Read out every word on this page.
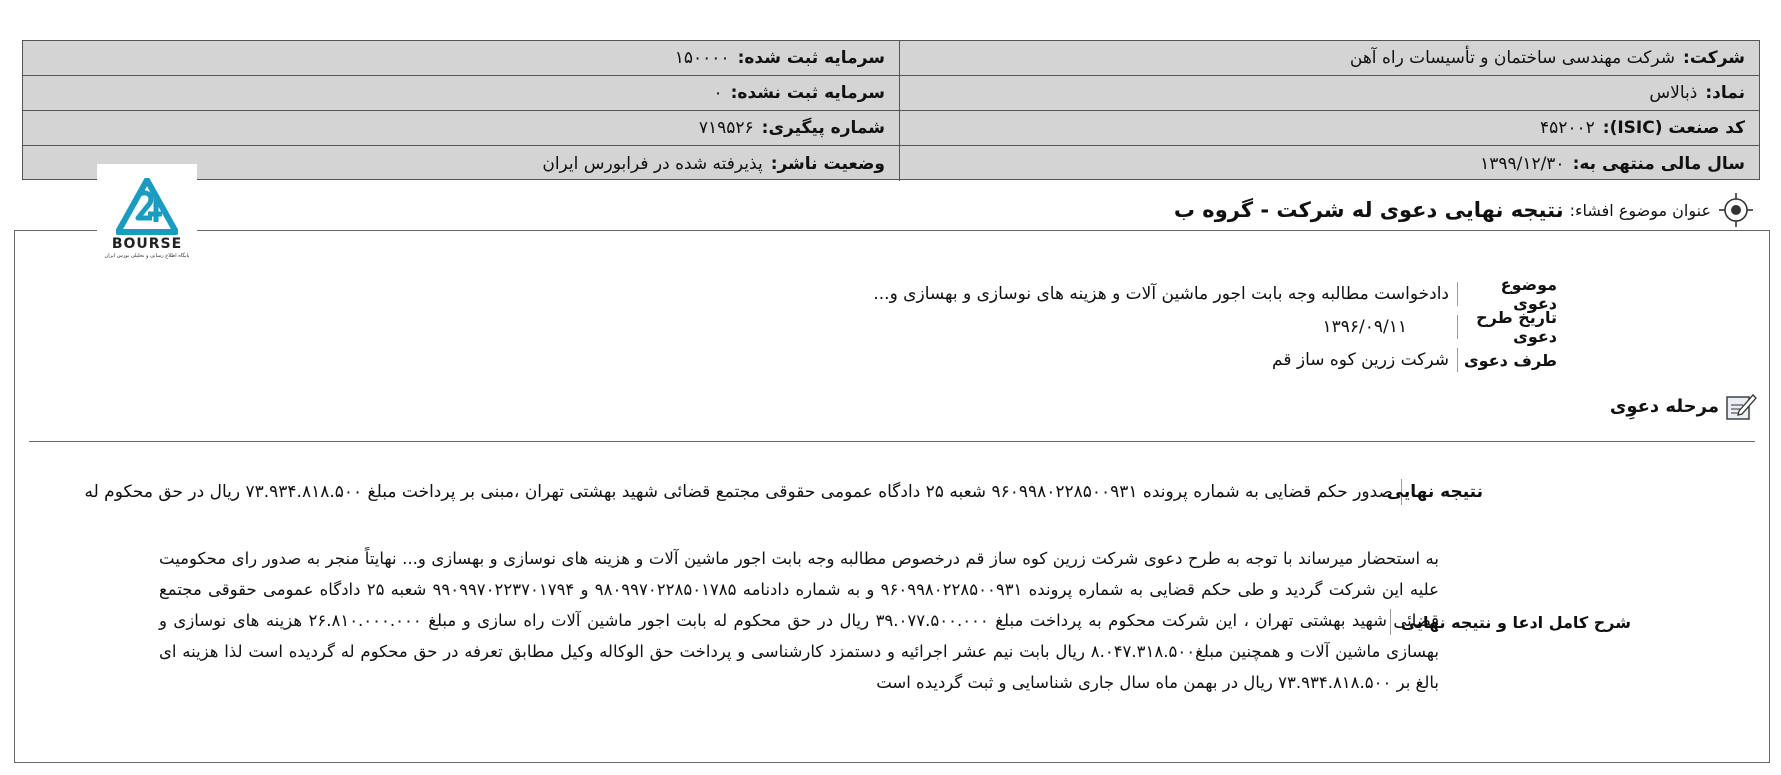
شرکت:
شرکت مهندسی ساختمان و تأسیسات راه آهن
سرمایه ثبت شده:
۱۵۰۰۰۰
نماد:
ذبالاس
سرمایه ثبت نشده:
۰
کد صنعت (ISIC):
۴۵۲۰۰۲
شماره پیگیری:
۷۱۹۵۲۶
سال مالی منتهی به:
۱۳۹۹/۱۲/۳۰
وضعیت ناشر:
پذیرفته شده در فرابورس ایران
عنوان موضوع افشاء:
نتیجه نهایی دعوی له شرکت - گروه ب
موضوع دعوی
دادخواست مطالبه وجه بابت اجور ماشین آلات و هزینه های نوسازی و بهسازی و...
تاریخ طرح دعوی
۱۳۹۶/۰۹/۱۱
طرف دعوی
شرکت زرین کوه ساز قم
مرحله دعوِی
نتیجه نهایی
صدور حکم قضایی به شماره پرونده ۹۶۰۹۹۸۰۲۲۸۵۰۰۹۳۱ شعبه ۲۵ دادگاه عمومی حقوقی مجتمع قضائی شهید بهشتی تهران ،مبنی بر پرداخت مبلغ ۷۳.۹۳۴.۸۱۸.۵۰۰ ریال در حق محکوم له
شرح کامل ادعا و نتیجه نهایی
به استحضار میرساند با توجه به طرح دعوی شرکت زرین کوه ساز قم درخصوص مطالبه وجه بابت اجور ماشین آلات و هزینه های نوسازی و بهسازی و... نهایتاً منجر به صدور رای محکومیت علیه این شرکت گردید و طی حکم قضایی به شماره پرونده ۹۶۰۹۹۸۰۲۲۸۵۰۰۹۳۱ و به شماره دادنامه ۹۸۰۹۹۷۰۲۲۸۵۰۱۷۸۵ و ۹۹۰۹۹۷۰۲۲۳۷۰۱۷۹۴ شعبه ۲۵ دادگاه عمومی حقوقی مجتمع قضائی شهید بهشتی تهران ، این شرکت محکوم به پرداخت مبلغ ۳۹.۰۷۷.۵۰۰.۰۰۰ ریال در حق محکوم له بابت اجور ماشین آلات راه سازی و مبلغ ۲۶.۸۱۰.۰۰۰.۰۰۰ هزینه های نوسازی و بهسازی ماشین آلات و همچنین مبلغ۸.۰۴۷.۳۱۸.۵۰۰ ریال بابت نیم عشر اجرائیه و دستمزد کارشناسی و پرداخت حق الوکاله وکیل مطابق تعرفه در حق محکوم له گردیده است لذا هزینه ای بالغ بر ۷۳.۹۳۴.۸۱۸.۵۰۰ ریال در بهمن ماه سال جاری شناسایی و ثبت گردیده است
BOURSE
پایگاه اطلاع رسانی و تحلیلی بورس ایران
